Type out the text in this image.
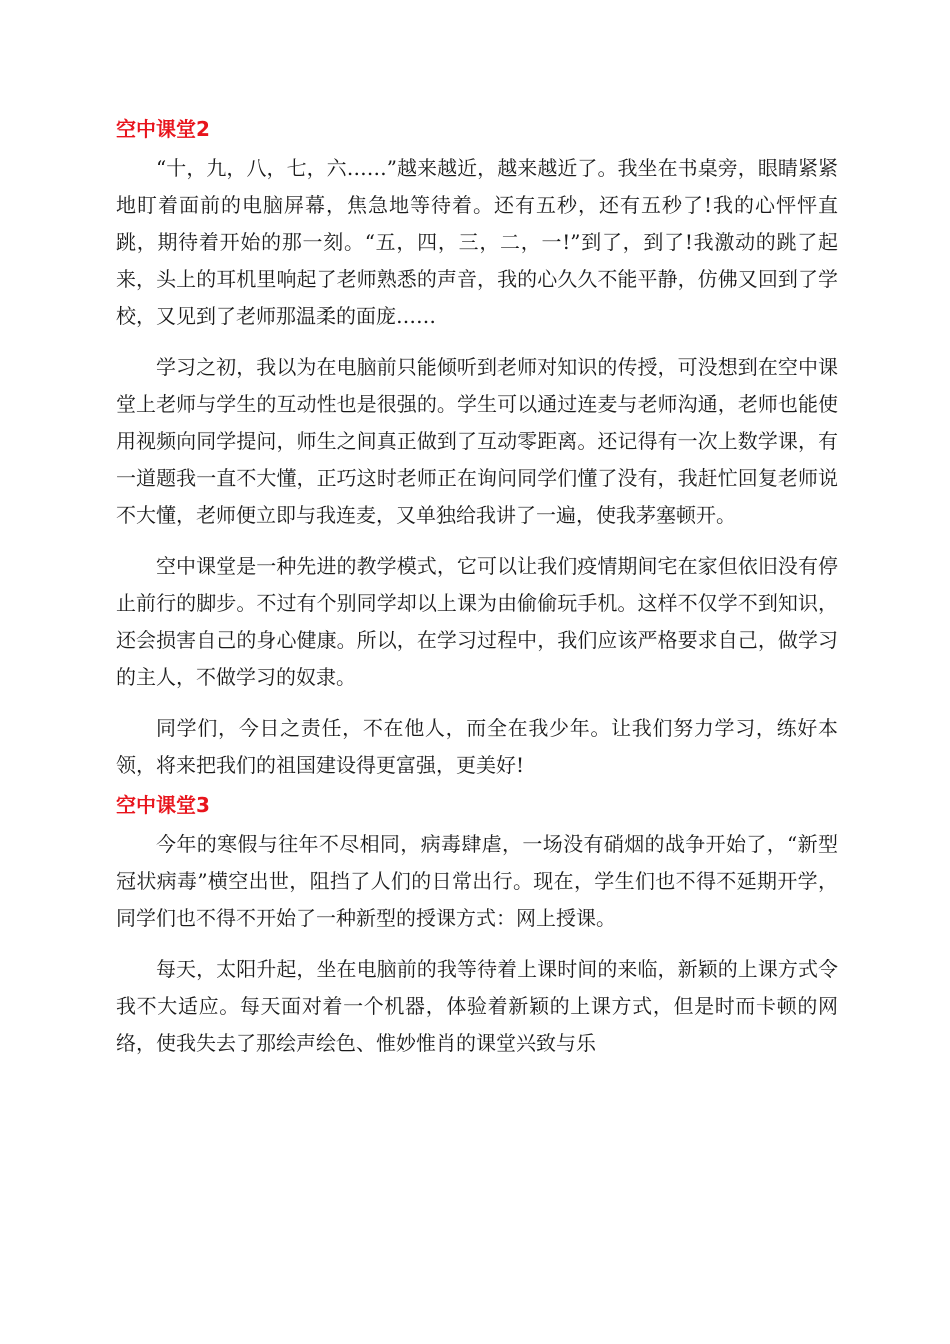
空中课堂2

“十，九，八，七，六……”越来越近，越来越近了。我坐在书桌旁，眼睛紧紧地盯着面前的电脑屏幕，焦急地等待着。还有五秒，还有五秒了!我的心怦怦直跳，期待着开始的那一刻。“五，四，三，二，一!”到了，到了!我激动的跳了起来，头上的耳机里响起了老师熟悉的声音，我的心久久不能平静，仿佛又回到了学校，又见到了老师那温柔的面庞……

学习之初，我以为在电脑前只能倾听到老师对知识的传授，可没想到在空中课堂上老师与学生的互动性也是很强的。学生可以通过连麦与老师沟通，老师也能使用视频向同学提问，师生之间真正做到了互动零距离。还记得有一次上数学课，有一道题我一直不大懂，正巧这时老师正在询问同学们懂了没有，我赶忙回复老师说不大懂，老师便立即与我连麦，又单独给我讲了一遍，使我茅塞顿开。

空中课堂是一种先进的教学模式，它可以让我们疫情期间宅在家但依旧没有停止前行的脚步。不过有个别同学却以上课为由偷偷玩手机。这样不仅学不到知识，还会损害自己的身心健康。所以，在学习过程中，我们应该严格要求自己，做学习的主人，不做学习的奴隶。

同学们，今日之责任，不在他人，而全在我少年。让我们努力学习，练好本领，将来把我们的祖国建设得更富强，更美好!

空中课堂3

今年的寒假与往年不尽相同，病毒肆虐，一场没有硝烟的战争开始了，“新型冠状病毒”横空出世，阻挡了人们的日常出行。现在，学生们也不得不延期开学，同学们也不得不开始了一种新型的授课方式：网上授课。

每天，太阳升起，坐在电脑前的我等待着上课时间的来临，新颖的上课方式令我不大适应。每天面对着一个机器，体验着新颖的上课方式，但是时而卡顿的网络，使我失去了那绘声绘色、惟妙惟肖的课堂兴致与乐
